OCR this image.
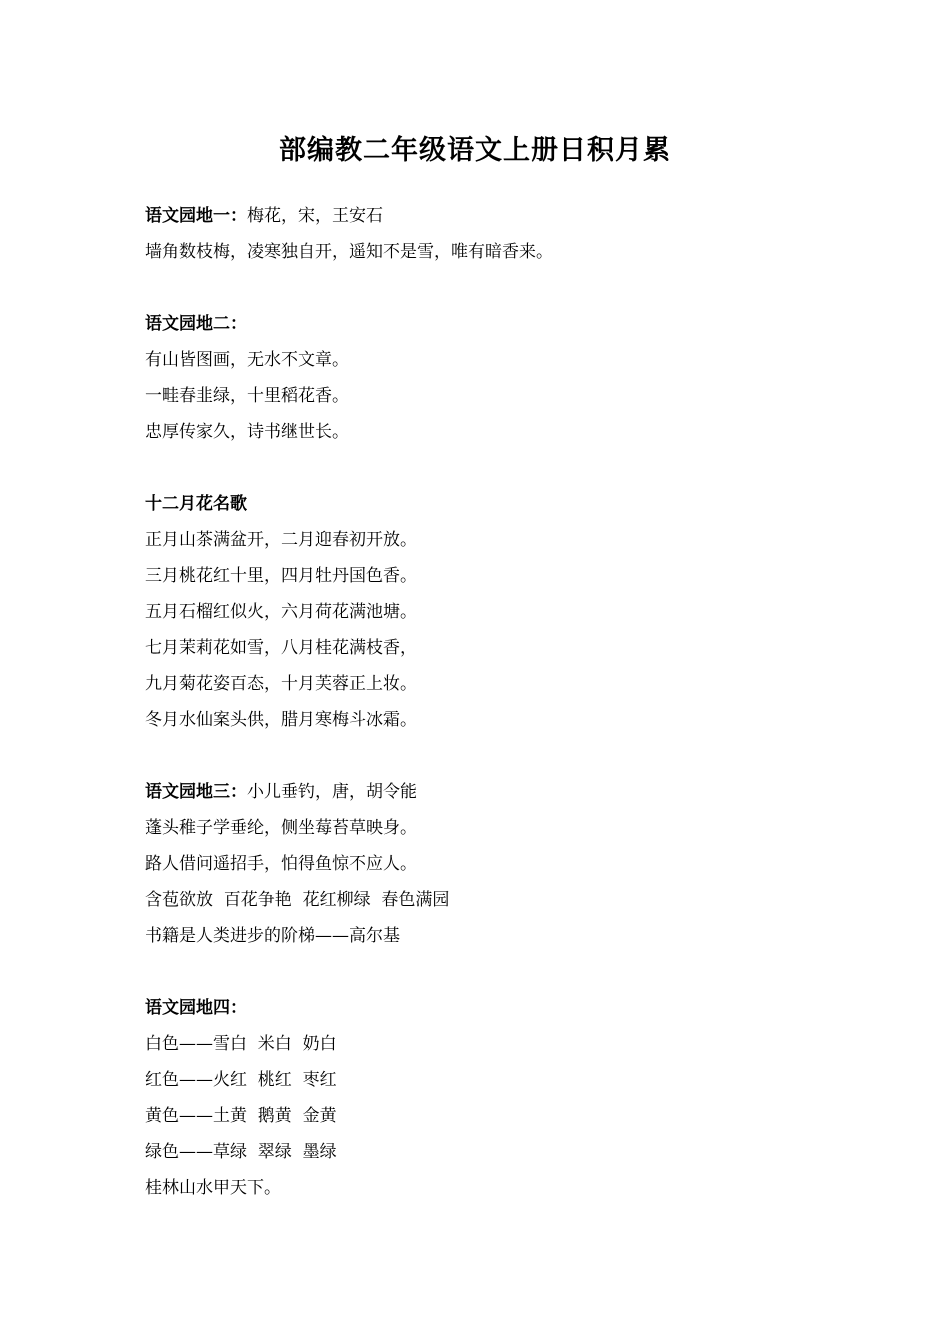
部编教二年级语文上册日积月累
语文园地一：梅花，宋，王安石
墙角数枝梅，凌寒独自开，遥知不是雪，唯有暗香来。
语文园地二：
有山皆图画，无水不文章。
一畦春韭绿，十里稻花香。
忠厚传家久，诗书继世长。
十二月花名歌
正月山茶满盆开，二月迎春初开放。
三月桃花红十里，四月牡丹国色香。
五月石榴红似火，六月荷花满池塘。
七月茉莉花如雪，八月桂花满枝香，
九月菊花姿百态，十月芙蓉正上妆。
冬月水仙案头供，腊月寒梅斗冰霜。
语文园地三：小儿垂钓，唐，胡令能
蓬头稚子学垂纶，侧坐莓苔草映身。
路人借问遥招手，怕得鱼惊不应人。
含苞欲放  百花争艳  花红柳绿  春色满园
书籍是人类进步的阶梯——高尔基
语文园地四：
白色——雪白  米白  奶白
红色——火红  桃红  枣红
黄色——土黄  鹅黄  金黄
绿色——草绿  翠绿  墨绿
桂林山水甲天下。
